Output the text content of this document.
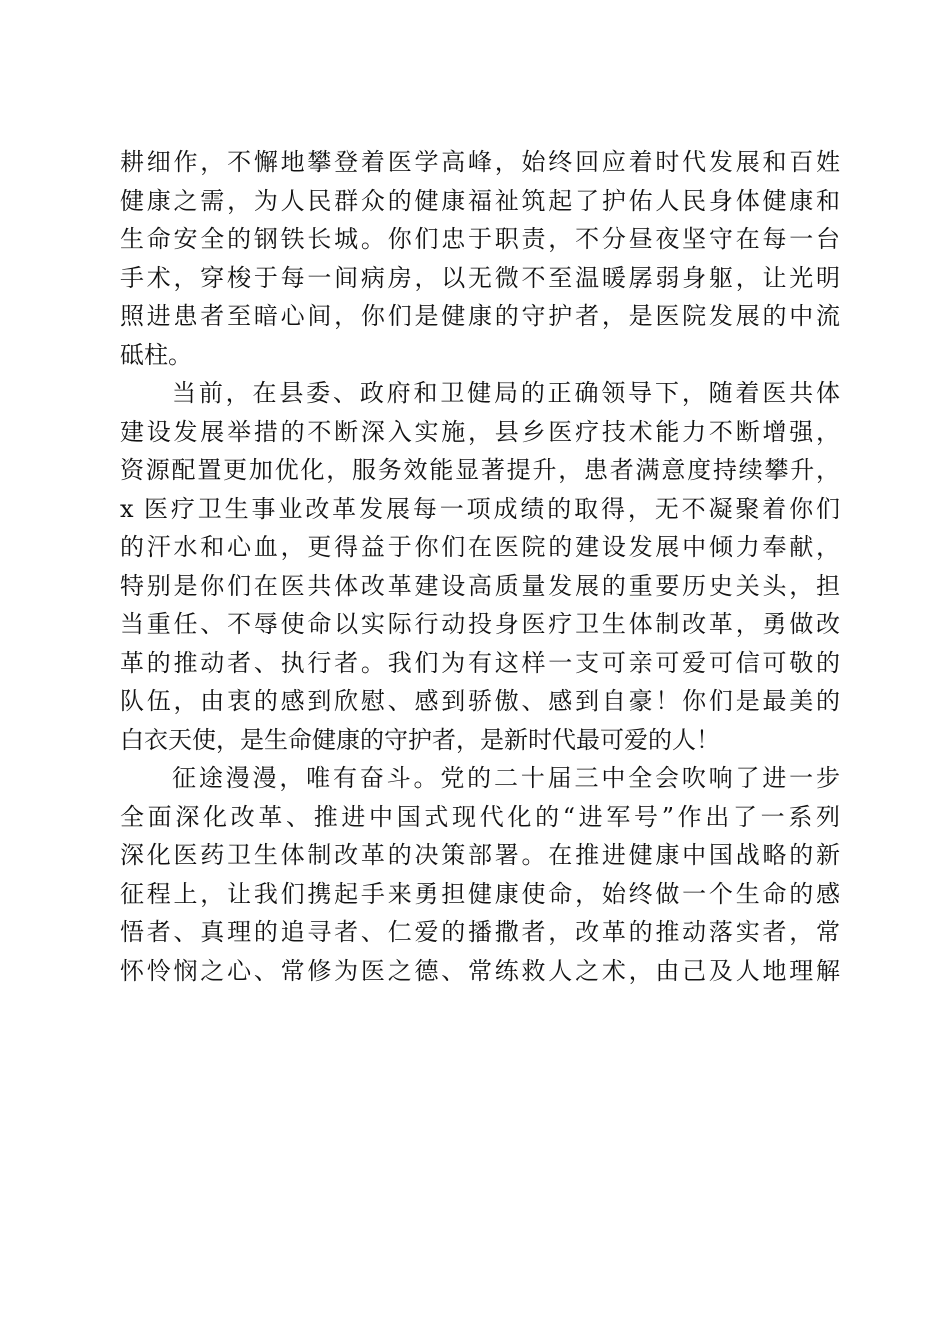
耕细作，不懈地攀登着医学高峰，始终回应着时代发展和百姓
健康之需，为人民群众的健康福祉筑起了护佑人民身体健康和
生命安全的钢铁长城。你们忠于职责，不分昼夜坚守在每一台
手术，穿梭于每一间病房，以无微不至温暖孱弱身躯，让光明
照进患者至暗心间，你们是健康的守护者，是医院发展的中流
砥柱。
当前，在县委、政府和卫健局的正确领导下，随着医共体
建设发展举措的不断深入实施，县乡医疗技术能力不断增强，
资源配置更加优化，服务效能显著提升，患者满意度持续攀升，
x 医疗卫生事业改革发展每一项成绩的取得，无不凝聚着你们
的汗水和心血，更得益于你们在医院的建设发展中倾力奉献，
特别是你们在医共体改革建设高质量发展的重要历史关头，担
当重任、不辱使命以实际行动投身医疗卫生体制改革，勇做改
革的推动者、执行者。我们为有这样一支可亲可爱可信可敬的
队伍，由衷的感到欣慰、感到骄傲、感到自豪！你们是最美的
白衣天使，是生命健康的守护者，是新时代最可爱的人！
征途漫漫，唯有奋斗。党的二十届三中全会吹响了进一步
全面深化改革、推进中国式现代化的“进军号”作出了一系列
深化医药卫生体制改革的决策部署。在推进健康中国战略的新
征程上，让我们携起手来勇担健康使命，始终做一个生命的感
悟者、真理的追寻者、仁爱的播撒者，改革的推动落实者，常
怀怜悯之心、常修为医之德、常练救人之术，由己及人地理解
